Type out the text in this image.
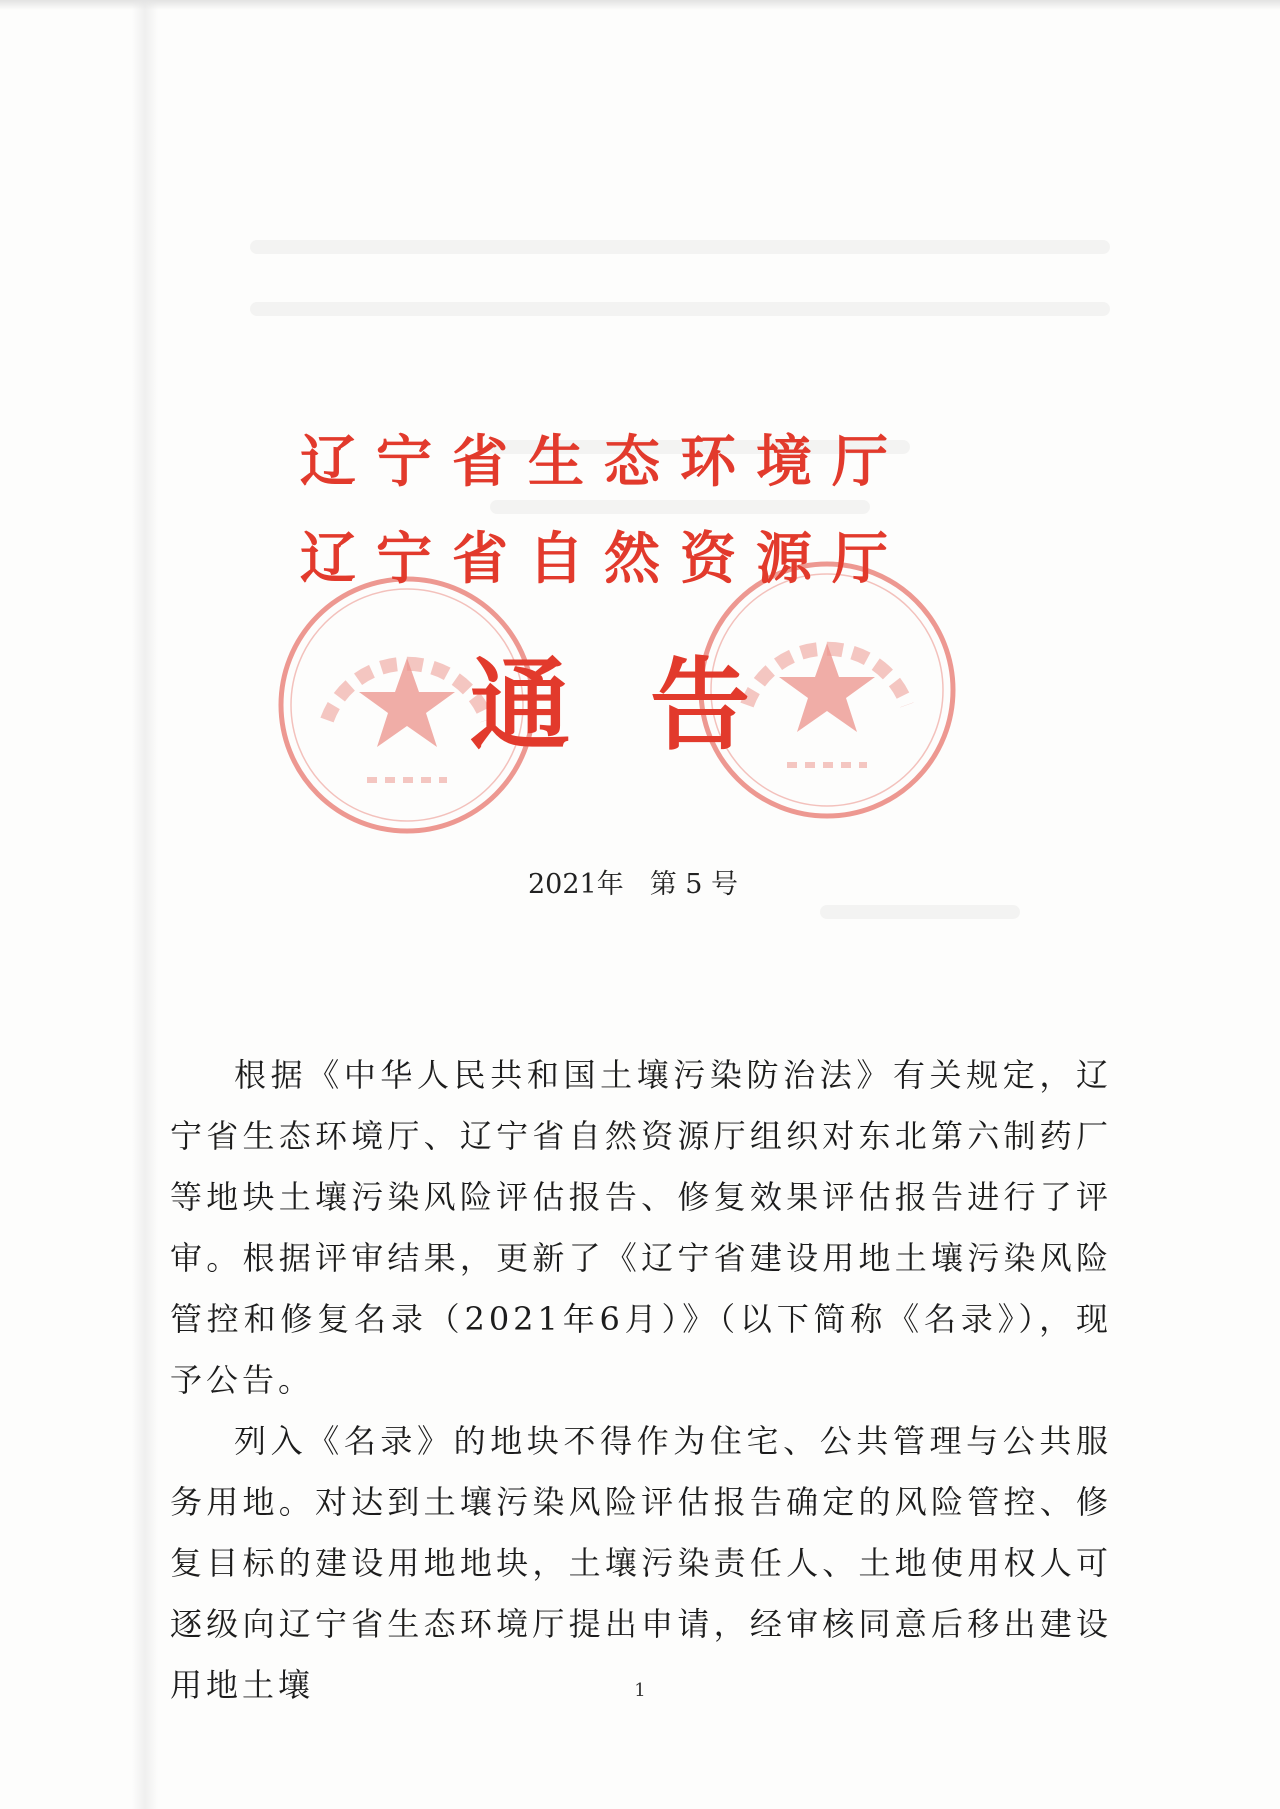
辽宁省生态环境厅
辽宁省自然资源厅
通告
2021年 第 5 号

根据《中华人民共和国土壤污染防治法》有关规定，辽宁省生态环境厅、辽宁省自然资源厅组织对东北第六制药厂等地块土壤污染风险评估报告、修复效果评估报告进行了评审。根据评审结果，更新了《辽宁省建设用地土壤污染风险管控和修复名录（2021年6月）》（以下简称《名录》），现予公告。

列入《名录》的地块不得作为住宅、公共管理与公共服务用地。对达到土壤污染风险评估报告确定的风险管控、修复目标的建设用地地块，土壤污染责任人、土地使用权人可逐级向辽宁省生态环境厅提出申请，经审核同意后移出建设用地土壤	1
